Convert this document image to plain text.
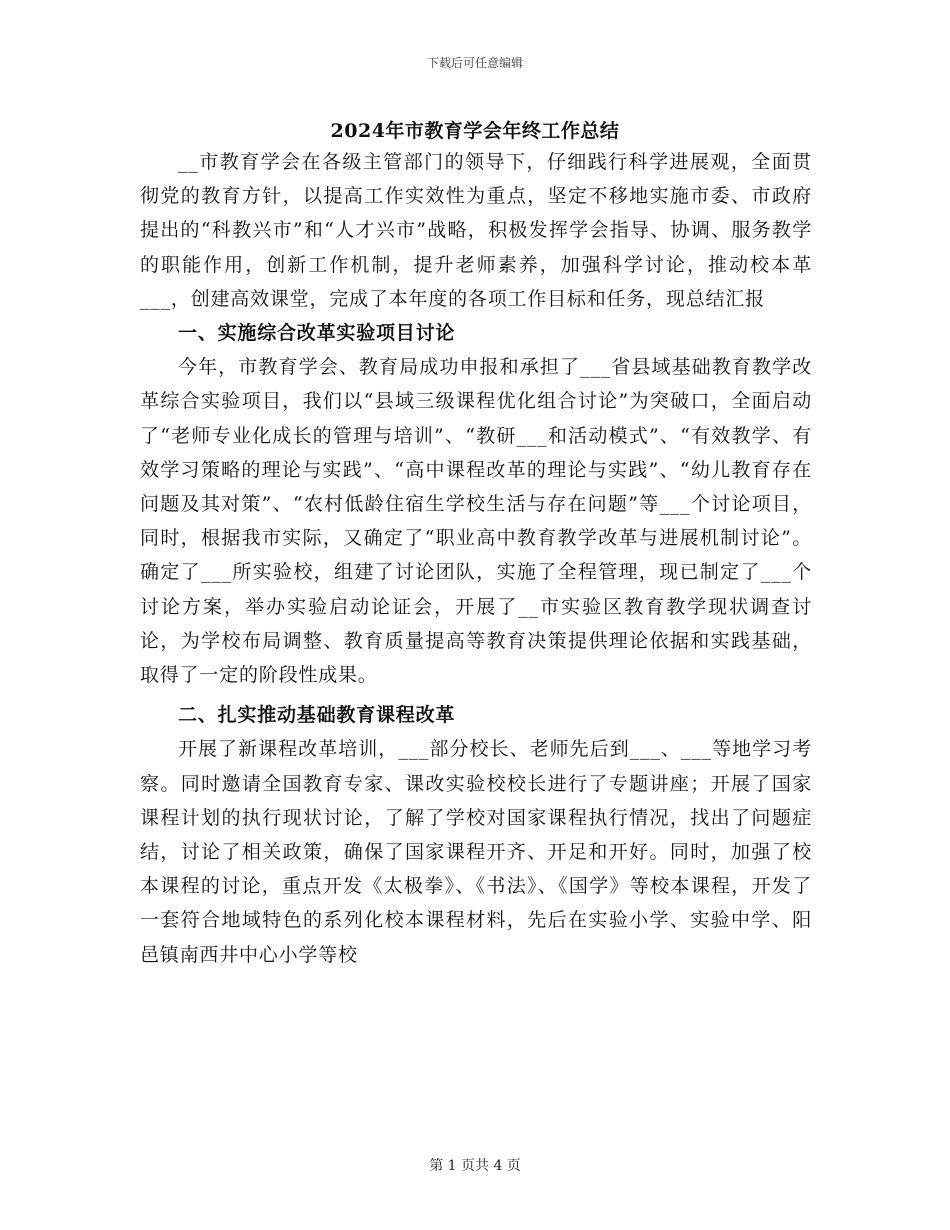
下载后可任意编辑
2024年市教育学会年终工作总结

__市教育学会在各级主管部门的领导下，仔细践行科学进展观，全面贯彻党的教育方针，以提高工作实效性为重点，坚定不移地实施市委、市政府提出的“科教兴市”和“人才兴市”战略，积极发挥学会指导、协调、服务教学的职能作用，创新工作机制，提升老师素养，加强科学讨论，推动校本革___，创建高效课堂，完成了本年度的各项工作目标和任务，现总结汇报

一、实施综合改革实验项目讨论

今年，市教育学会、教育局成功申报和承担了___省县域基础教育教学改革综合实验项目，我们以“县域三级课程优化组合讨论”为突破口，全面启动了“老师专业化成长的管理与培训”、“教研___和活动模式”、“有效教学、有效学习策略的理论与实践”、“高中课程改革的理论与实践”、“幼儿教育存在问题及其对策”、“农村低龄住宿生学校生活与存在问题”等___个讨论项目，同时，根据我市实际，又确定了“职业高中教育教学改革与进展机制讨论”。确定了___所实验校，组建了讨论团队，实施了全程管理，现已制定了___个讨论方案，举办实验启动论证会，开展了__市实验区教育教学现状调查讨论，为学校布局调整、教育质量提高等教育决策提供理论依据和实践基础，取得了一定的阶段性成果。

二、扎实推动基础教育课程改革

开展了新课程改革培训，___部分校长、老师先后到___、___等地学习考察。同时邀请全国教育专家、课改实验校校长进行了专题讲座；开展了国家课程计划的执行现状讨论，了解了学校对国家课程执行情况，找出了问题症结，讨论了相关政策，确保了国家课程开齐、开足和开好。同时，加强了校本课程的讨论，重点开发《太极拳》、《书法》、《国学》等校本课程，开发了一套符合地域特色的系列化校本课程材料，先后在实验小学、实验中学、阳邑镇南西井中心小学等校

第 1 页共 4 页
